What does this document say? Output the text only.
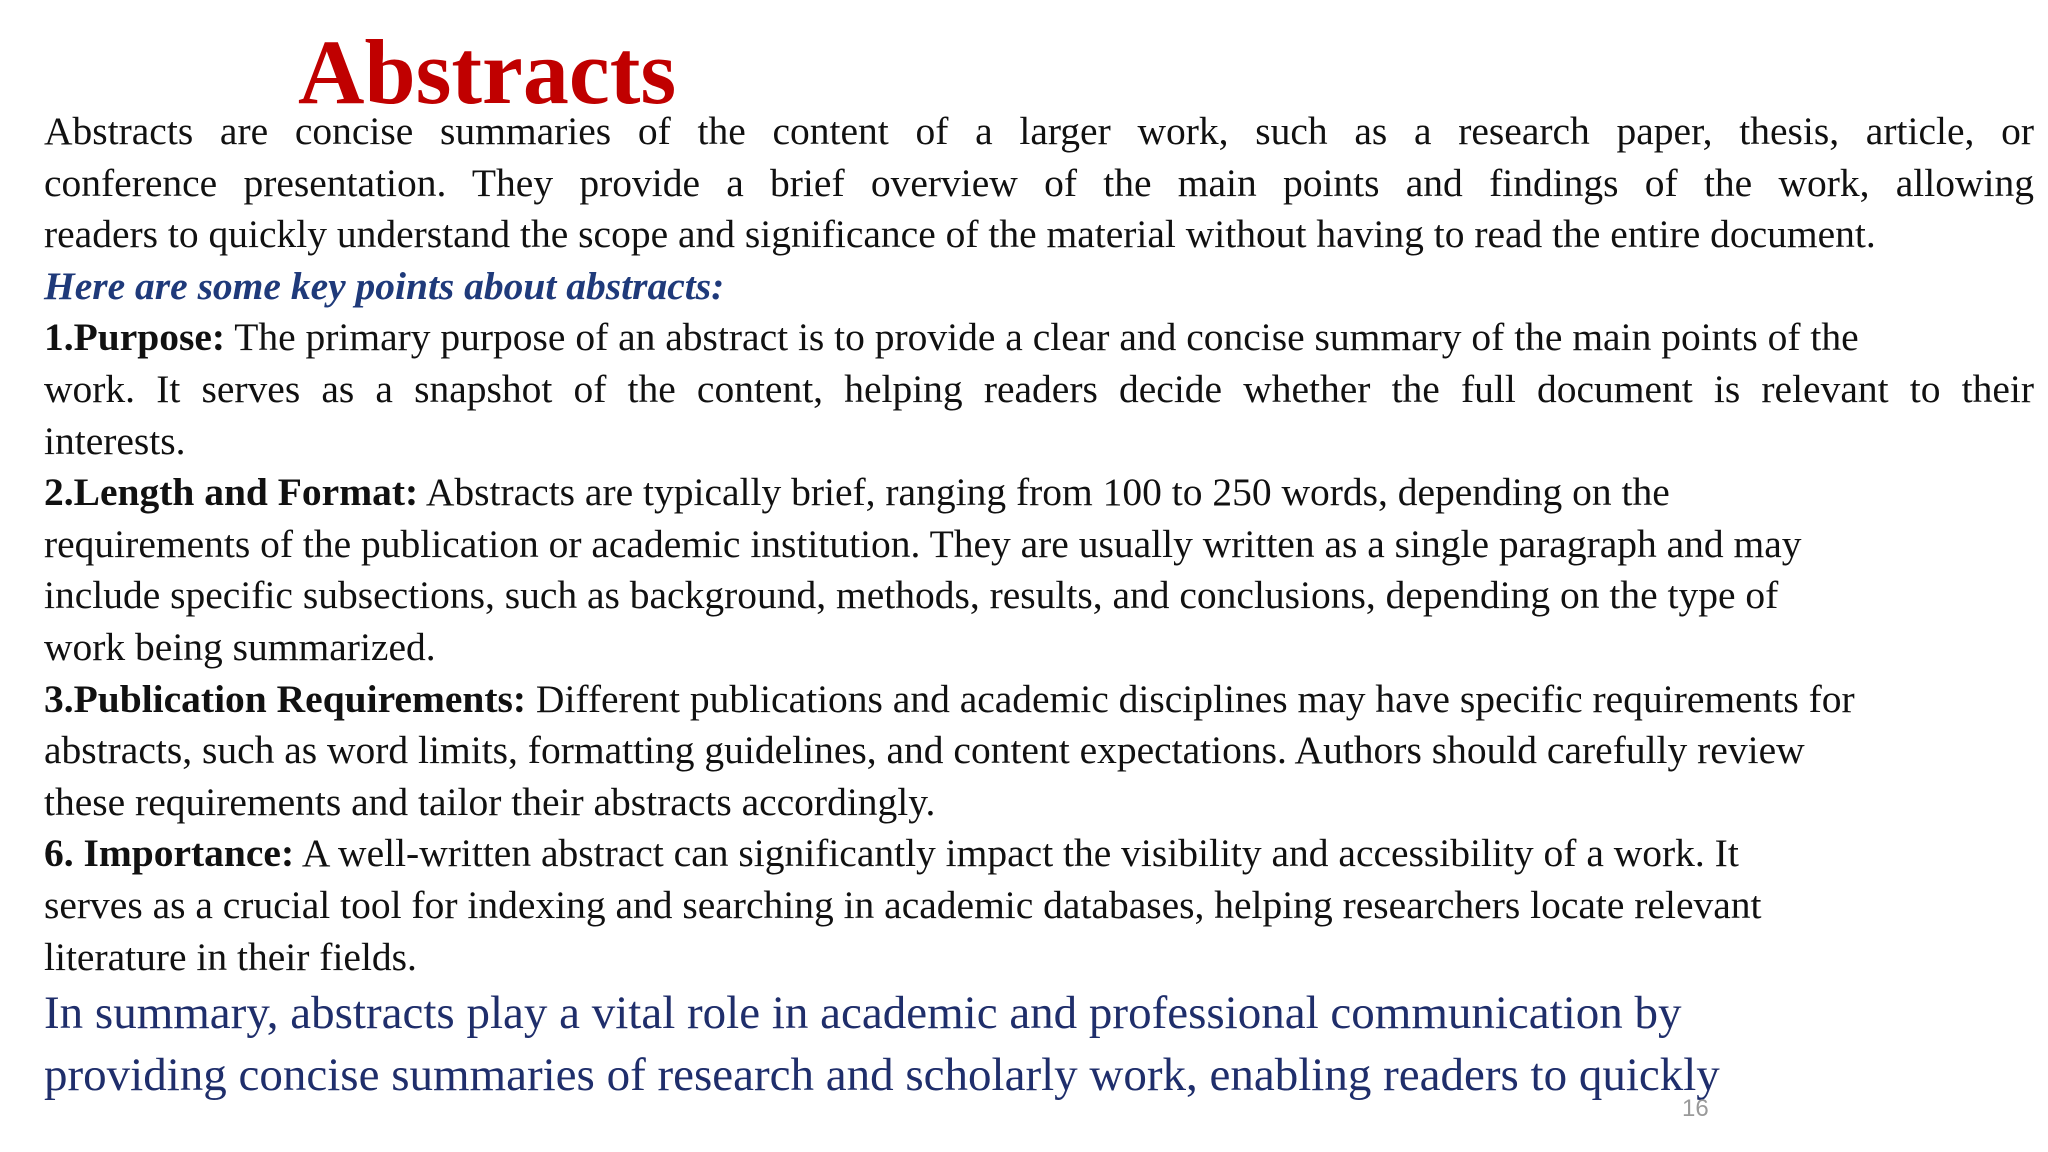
Abstracts

Abstracts are concise summaries of the content of a larger work, such as a research paper, thesis, article, or

conference presentation. They provide a brief overview of the main points and findings of the work, allowing

readers to quickly understand the scope and significance of the material without having to read the entire document.

Here are some key points about abstracts:

1.Purpose: The primary purpose of an abstract is to provide a clear and concise summary of the main points of the

work. It serves as a snapshot of the content, helping readers decide whether the full document is relevant to their

interests.

2.Length and Format: Abstracts are typically brief, ranging from 100 to 250 words, depending on the

requirements of the publication or academic institution. They are usually written as a single paragraph and may

include specific subsections, such as background, methods, results, and conclusions, depending on the type of

work being summarized.

3.Publication Requirements: Different publications and academic disciplines may have specific requirements for

abstracts, such as word limits, formatting guidelines, and content expectations. Authors should carefully review

these requirements and tailor their abstracts accordingly.

6. Importance: A well-written abstract can significantly impact the visibility and accessibility of a work. It

serves as a crucial tool for indexing and searching in academic databases, helping researchers locate relevant

literature in their fields.

In summary, abstracts play a vital role in academic and professional communication by

providing concise summaries of research and scholarly work, enabling readers to quickly

16
